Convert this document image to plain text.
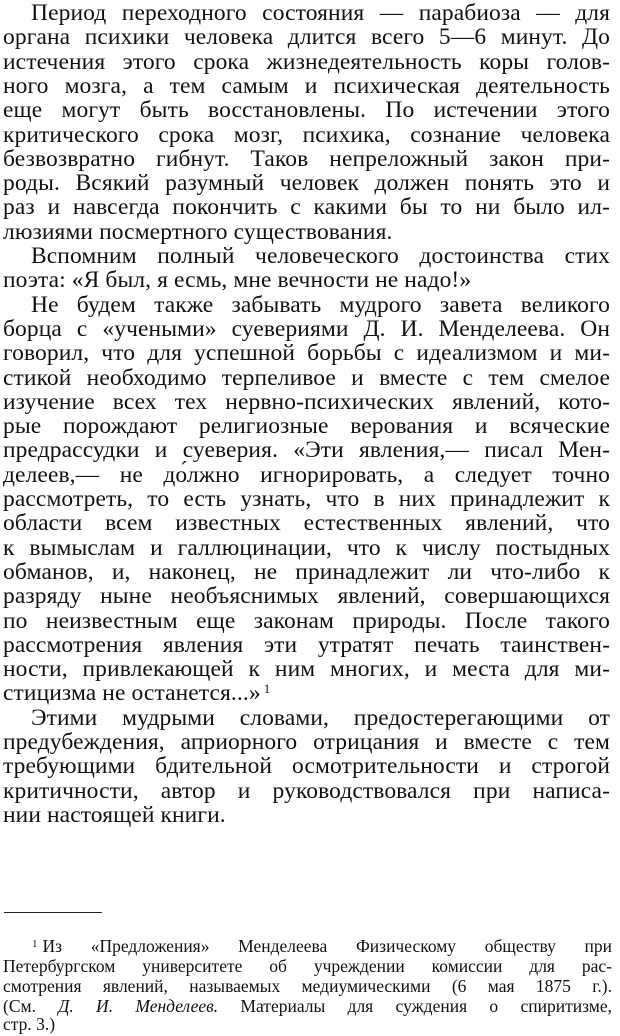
Период переходного состояния — парабиоза — для
органа психики человека длится всего 5—6 минут. До
истечения этого срока жизнедеятельность коры голов-
ного мозга, а тем самым и психическая деятельность
еще могут быть восстановлены. По истечении этого
критического срока мозг, психика, сознание человека
безвозвратно гибнут. Таков непреложный закон при-
роды. Всякий разумный человек должен понять это и
раз и навсегда покончить с какими бы то ни было ил-
люзиями посмертного существования.
Вспомним полный человеческого достоинства стих
поэта: «Я был, я есмь, мне вечности не надо!»
Не будем также забывать мудрого завета великого
борца с «учеными» суевериями Д. И. Менделеева. Он
говорил, что для успешной борьбы с идеализмом и ми-
стикой необходимо терпеливое и вместе с тем смелое
изучение всех тех нервно-психических явлений, кото-
рые порождают религиозные верования и всяческие
предрассудки и суеверия. «Эти явления,— писал Мен-
делеев,— не до́лжно игнорировать, а следует точно
рассмотреть, то есть узнать, что в них принадлежит к
области всем известных естественных явлений, что
к вымыслам и галлюцинации, что к числу постыдных
обманов, и, наконец, не принадлежит ли что-либо к
разряду ныне необъяснимых явлений, совершающихся
по неизвестным еще законам природы. После такого
рассмотрения явления эти утратят печать таинствен-
ности, привлекающей к ним многих, и места для ми-
стицизма не останется...» $^1$
Этими мудрыми словами, предостерегающими от
предубеждения, априорного отрицания и вместе с тем
требующими бдительной осмотрительности и строгой
критичности, автор и руководствовался при написа-
нии настоящей книги.
$^1$ Из «Предложения» Менделеева Физическому обществу при
Петербургском университете об учреждении комиссии для рас-
смотрения явлений, называемых медиумическими (6 мая 1875 г.).
(См. Д. И. Менделеев. Материалы для суждения о спиритизме,
стр. 3.)
